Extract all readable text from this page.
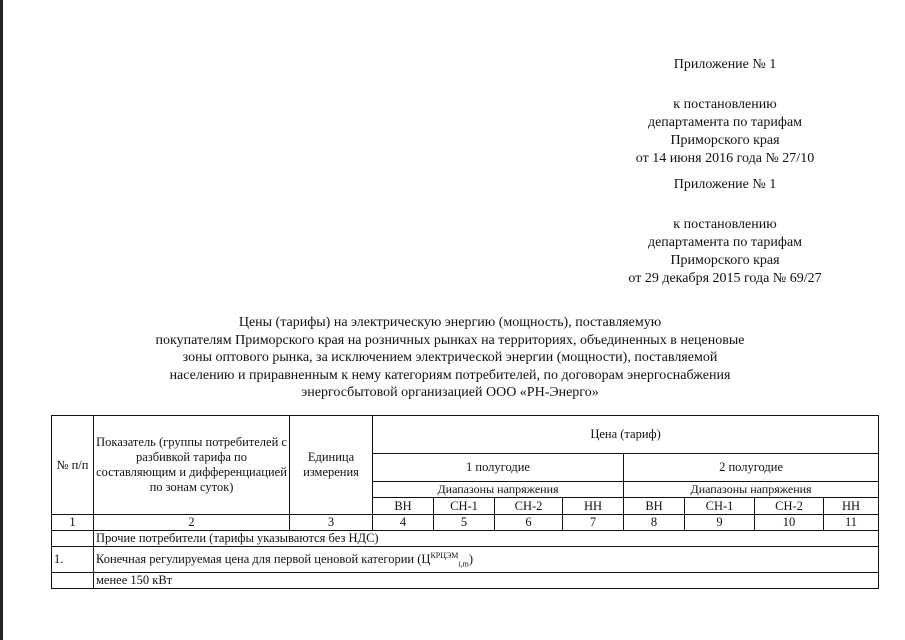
Приложение № 1
к постановлению
департамента по тарифам
Приморского края
от 14 июня 2016 года № 27/10
Приложение № 1
к постановлению
департамента по тарифам
Приморского края
от 29 декабря 2015 года № 69/27
Цены (тарифы) на электрическую энергию (мощность), поставляемую
покупателям Приморского края на розничных рынках на территориях, объединенных в неценовые
зоны оптового рынка, за исключением электрической энергии (мощности), поставляемой
населению и приравненным к нему категориям потребителей, по договорам энергоснабжения
энергосбытовой организацией ООО «РН-Энерго»
№ п/п	Показатель (группы потребителей с разбивкой тарифа по составляющим и дифференциацией по зонам суток)	Единица измерения	Цена (тариф)							
			1 полугодие				2 полугодие			
			Диапазоны напряжения				Диапазоны напряжения			
			ВН	СН-1	СН-2	НН	ВН	СН-1	СН-2	НН
1	2	3	4	5	6	7	8	9	10	11
	Прочие потребители (тарифы указываются без НДС)									
1.	Конечная регулируемая цена для первой ценовой категории $(Ц^{КРЦЭМ}_{i,m})$									
	менее 150 кВт									
